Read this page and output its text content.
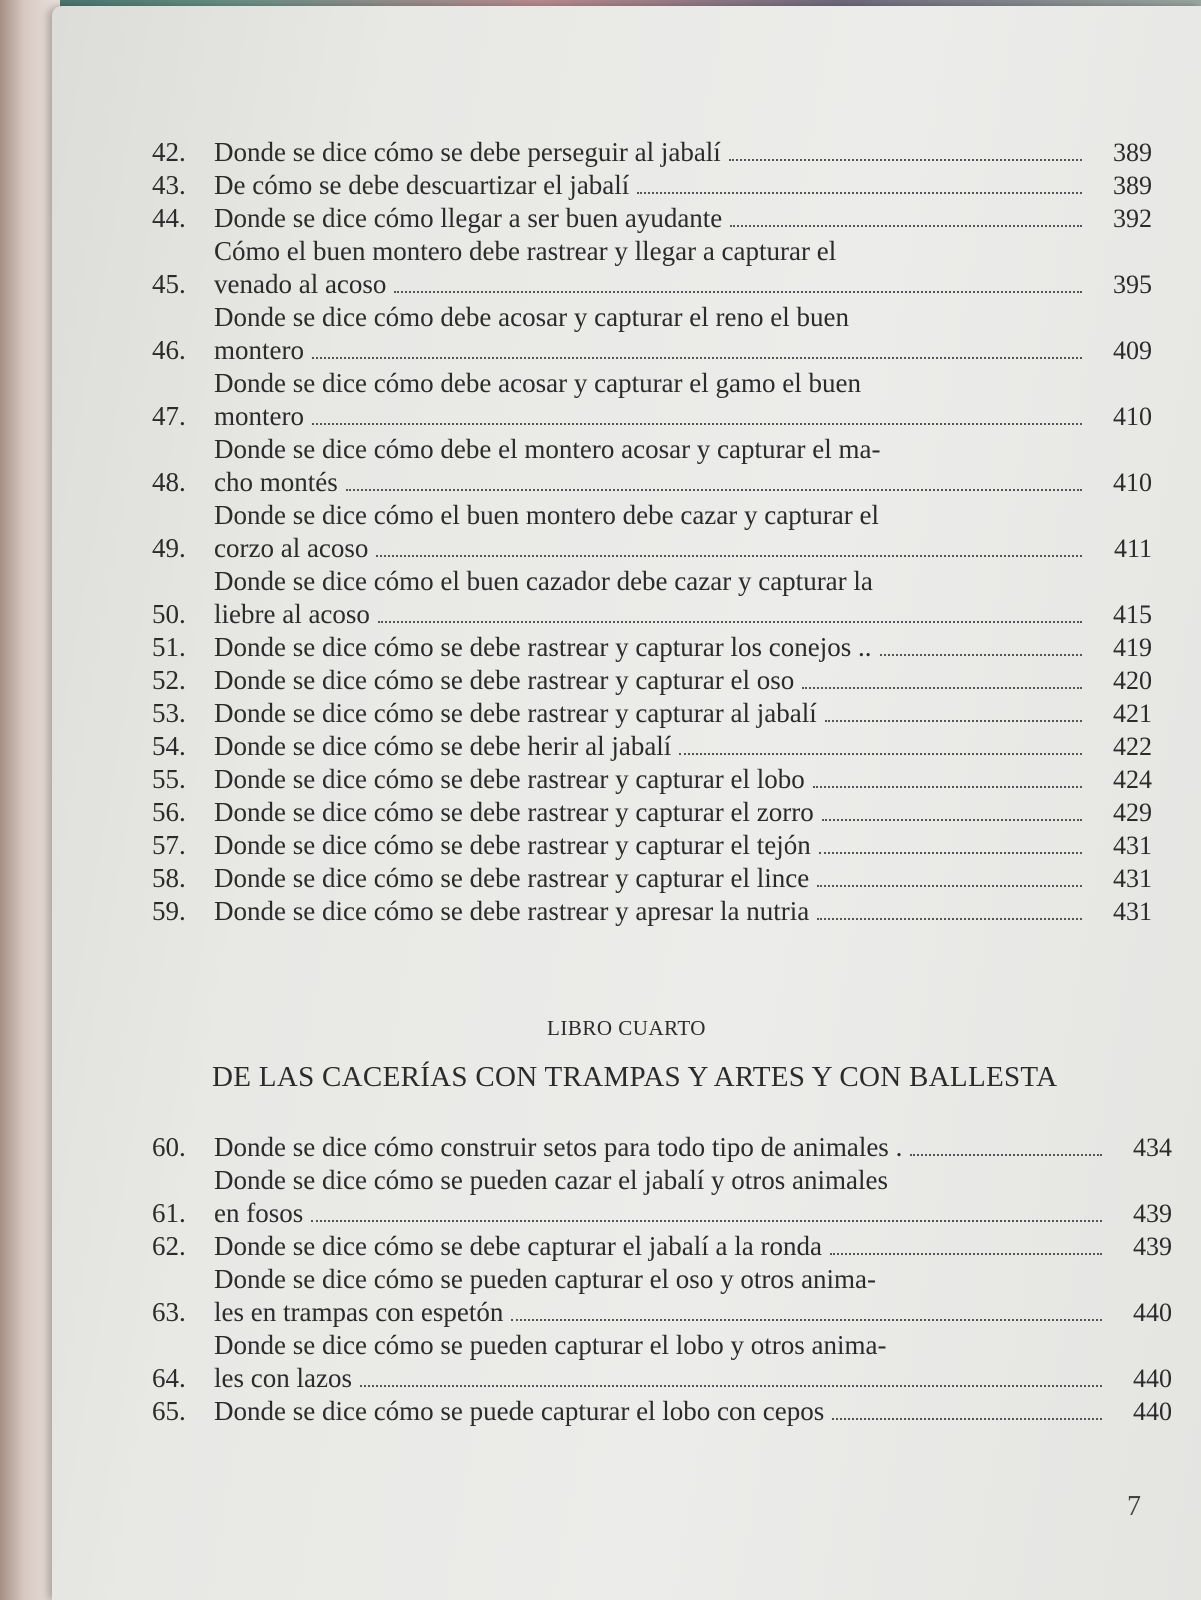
42.	Donde se dice cómo se debe perseguir al jabalí	389
43.	De cómo se debe descuartizar el jabalí	389
44.	Donde se dice cómo llegar a ser buen ayudante	392
45.
Cómo el buen montero debe rastrear y llegar a capturar el
venado al acoso	395
46.
Donde se dice cómo debe acosar y capturar el reno el buen
montero	409
47.
Donde se dice cómo debe acosar y capturar el gamo el buen
montero	410
48.
Donde se dice cómo debe el montero acosar y capturar el ma-
cho montés	410
49.
Donde se dice cómo el buen montero debe cazar y capturar el
corzo al acoso	411
50.
Donde se dice cómo el buen cazador debe cazar y capturar la
liebre al acoso	415
51.	Donde se dice cómo se debe rastrear y capturar los conejos ..	419
52.	Donde se dice cómo se debe rastrear y capturar el oso	420
53.	Donde se dice cómo se debe rastrear y capturar al jabalí	421
54.	Donde se dice cómo se debe herir al jabalí	422
55.	Donde se dice cómo se debe rastrear y capturar el lobo	424
56.	Donde se dice cómo se debe rastrear y capturar el zorro	429
57.	Donde se dice cómo se debe rastrear y capturar el tejón	431
58.	Donde se dice cómo se debe rastrear y capturar el lince	431
59.	Donde se dice cómo se debe rastrear y apresar la nutria	431
LIBRO CUARTO
DE LAS CACERÍAS CON TRAMPAS Y ARTES Y CON BALLESTA
60.	Donde se dice cómo construir setos para todo tipo de animales .	434
61.
Donde se dice cómo se pueden cazar el jabalí y otros animales
en fosos	439
62.	Donde se dice cómo se debe capturar el jabalí a la ronda	439
63.
Donde se dice cómo se pueden capturar el oso y otros anima-
les en trampas con espetón	440
64.
Donde se dice cómo se pueden capturar el lobo y otros anima-
les con lazos	440
65.	Donde se dice cómo se puede capturar el lobo con cepos	440
7
